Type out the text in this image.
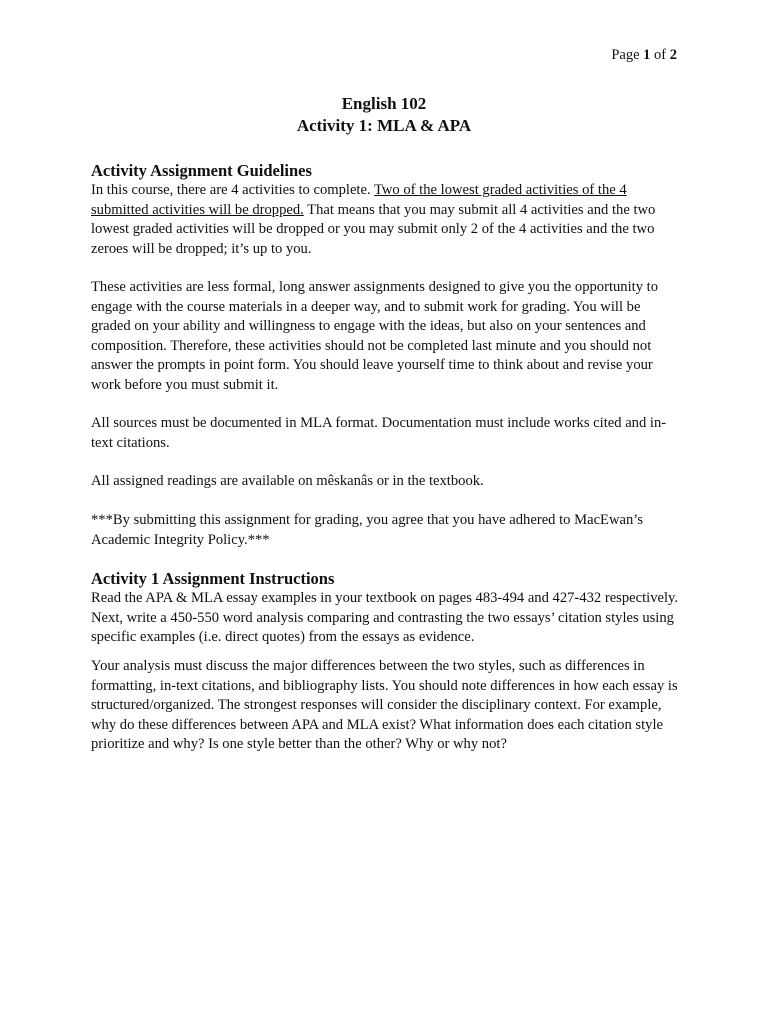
Page 1 of 2
English 102
Activity 1: MLA & APA
Activity Assignment Guidelines

In this course, there are 4 activities to complete. Two of the lowest graded activities of the 4 submitted activities will be dropped. That means that you may submit all 4 activities and the two lowest graded activities will be dropped or you may submit only 2 of the 4 activities and the two zeroes will be dropped; it’s up to you.

These activities are less formal, long answer assignments designed to give you the opportunity to engage with the course materials in a deeper way, and to submit work for grading. You will be graded on your ability and willingness to engage with the ideas, but also on your sentences and composition. Therefore, these activities should not be completed last minute and you should not answer the prompts in point form. You should leave yourself time to think about and revise your work before you must submit it.

All sources must be documented in MLA format. Documentation must include works cited and in-text citations.

All assigned readings are available on mêskanâs or in the textbook.

***By submitting this assignment for grading, you agree that you have adhered to MacEwan’s Academic Integrity Policy.***

Activity 1 Assignment Instructions

Read the APA & MLA essay examples in your textbook on pages 483-494 and 427-432 respectively. Next, write a 450-550 word analysis comparing and contrasting the two essays’ citation styles using specific examples (i.e. direct quotes) from the essays as evidence.

Your analysis must discuss the major differences between the two styles, such as differences in formatting, in-text citations, and bibliography lists. You should note differences in how each essay is structured/organized. The strongest responses will consider the disciplinary context. For example, why do these differences between APA and MLA exist? What information does each citation style prioritize and why? Is one style better than the other? Why or why not?
